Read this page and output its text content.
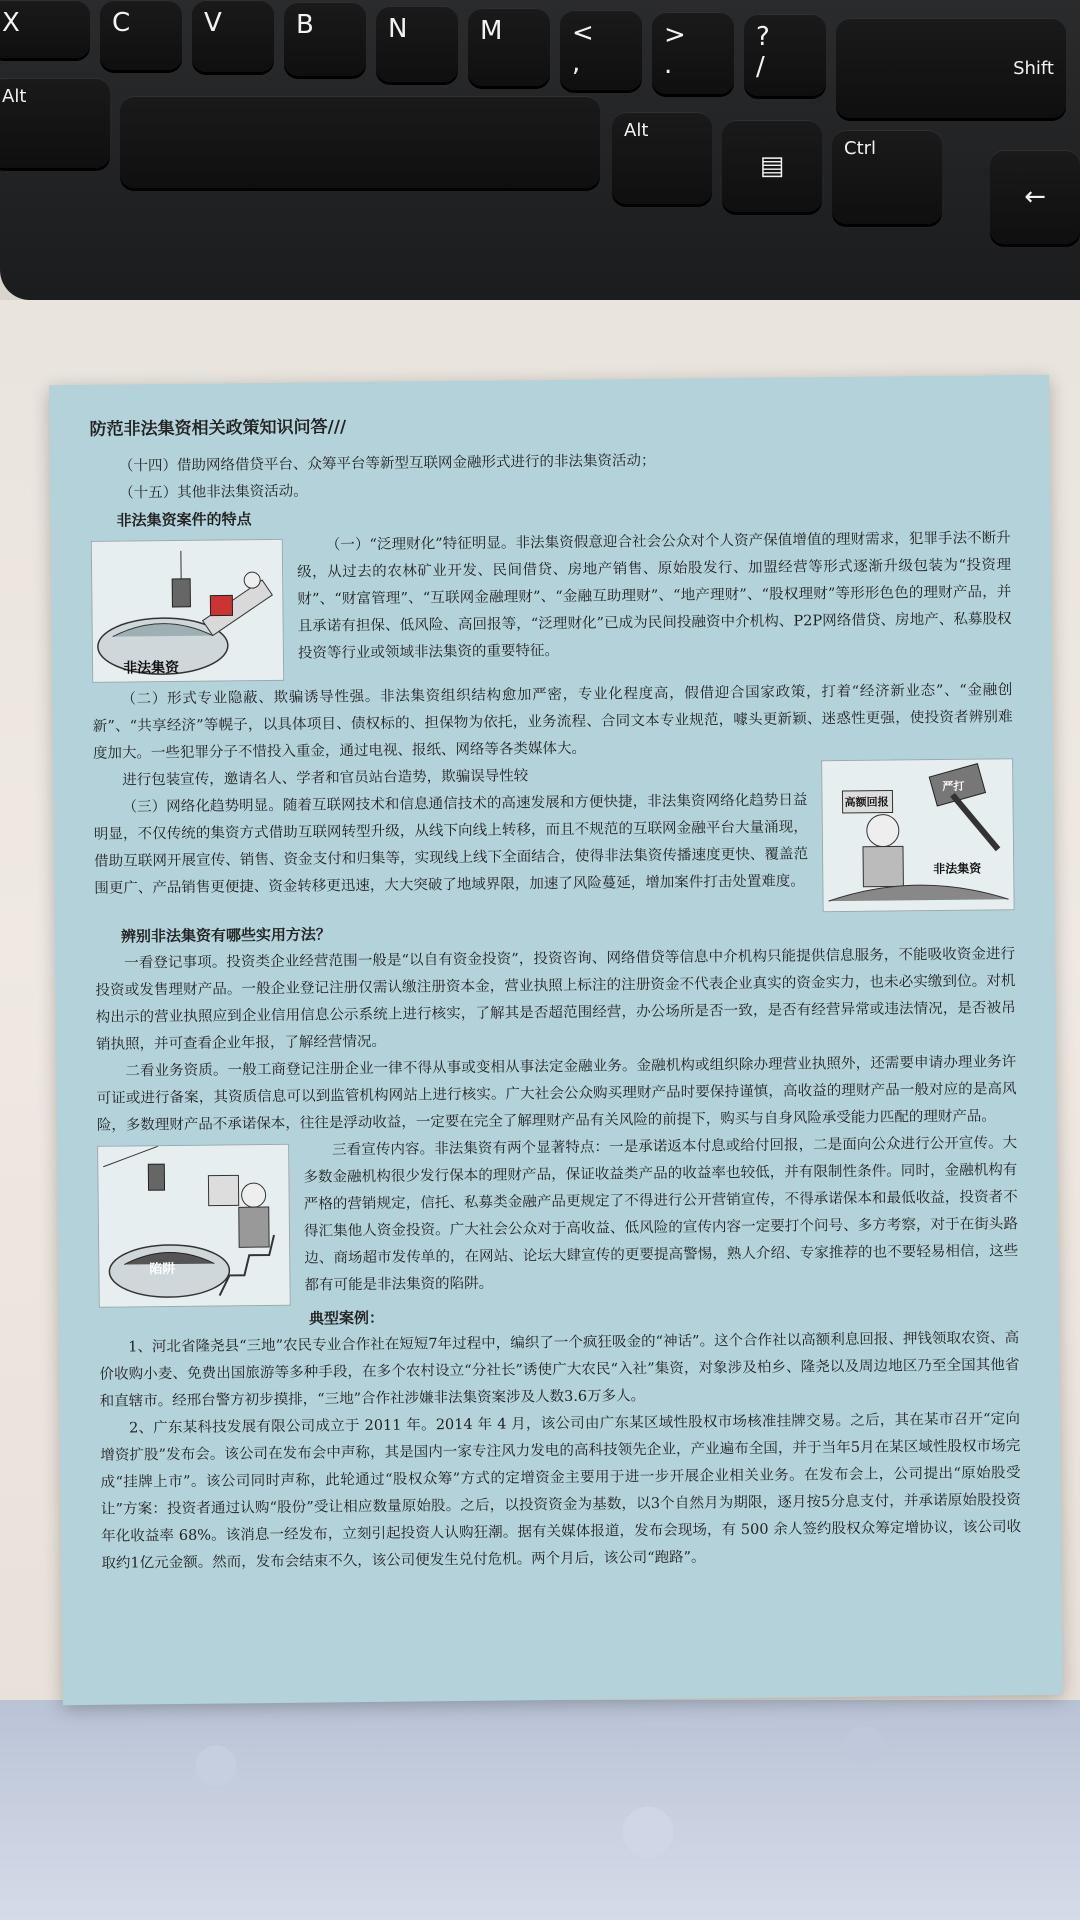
X	C	V	B	N	M	<
,
>
.
?
/	Shift
Alt
Alt
▤
Ctrl
←
防范非法集资相关政策知识问答///

（十四）借助网络借贷平台、众筹平台等新型互联网金融形式进行的非法集资活动；

（十五）其他非法集资活动。

非法集资案件的特点
非法集资

（一）“泛理财化”特征明显。非法集资假意迎合社会公众对个人资产保值增值的理财需求，犯罪手法不断升级，从过去的农林矿业开发、民间借贷、房地产销售、原始股发行、加盟经营等形式逐渐升级包装为“投资理财”、“财富管理”、“互联网金融理财”、“金融互助理财”、“地产理财”、“股权理财”等形形色色的理财产品，并且承诺有担保、低风险、高回报等，“泛理财化”已成为民间投融资中介机构、P2P网络借贷、房地产、私募股权投资等行业或领域非法集资的重要特征。

（二）形式专业隐蔽、欺骗诱导性强。非法集资组织结构愈加严密，专业化程度高，假借迎合国家政策，打着“经济新业态”、“金融创新”、“共享经济”等幌子，以具体项目、债权标的、担保物为依托，业务流程、合同文本专业规范，噱头更新颖、迷惑性更强，使投资者辨别难度加大。一些犯罪分子不惜投入重金，通过电视、报纸、网络等各类媒体大。

进行包装宣传，邀请名人、学者和官员站台造势，欺骗误导性较

（三）网络化趋势明显。随着互联网技术和信息通信技术的高速发展和方便快捷，非法集资网络化趋势日益明显，不仅传统的集资方式借助互联网转型升级，从线下向线上转移，而且不规范的互联网金融平台大量涌现，借助互联网开展宣传、销售、资金支付和归集等，实现线上线下全面结合，使得非法集资传播速度更快、覆盖范围更广、产品销售更便捷、资金转移更迅速，大大突破了地域界限，加速了风险蔓延，增加案件打击处置难度。

高额回报
严打
非法集资
辨别非法集资有哪些实用方法？

一看登记事项。投资类企业经营范围一般是“以自有资金投资”，投资咨询、网络借贷等信息中介机构只能提供信息服务，不能吸收资金进行投资或发售理财产品。一般企业登记注册仅需认缴注册资本金，营业执照上标注的注册资金不代表企业真实的资金实力，也未必实缴到位。对机构出示的营业执照应到企业信用信息公示系统上进行核实，了解其是否超范围经营，办公场所是否一致，是否有经营异常或违法情况，是否被吊销执照，并可查看企业年报，了解经营情况。

二看业务资质。一般工商登记注册企业一律不得从事或变相从事法定金融业务。金融机构或组织除办理营业执照外，还需要申请办理业务许可证或进行备案，其资质信息可以到监管机构网站上进行核实。广大社会公众购买理财产品时要保持谨慎，高收益的理财产品一般对应的是高风险，多数理财产品不承诺保本，往往是浮动收益，一定要在完全了解理财产品有关风险的前提下，购买与自身风险承受能力匹配的理财产品。

陷阱

三看宣传内容。非法集资有两个显著特点：一是承诺返本付息或给付回报，二是面向公众进行公开宣传。大多数金融机构很少发行保本的理财产品，保证收益类产品的收益率也较低，并有限制性条件。同时，金融机构有严格的营销规定，信托、私募类金融产品更规定了不得进行公开营销宣传，不得承诺保本和最低收益，投资者不得汇集他人资金投资。广大社会公众对于高收益、低风险的宣传内容一定要打个问号、多方考察，对于在街头路边、商场超市发传单的，在网站、论坛大肆宣传的更要提高警惕，熟人介绍、专家推荐的也不要轻易相信，这些都有可能是非法集资的陷阱。

典型案例：

1、河北省隆尧县“三地”农民专业合作社在短短7年过程中，编织了一个疯狂吸金的“神话”。这个合作社以高额利息回报、押钱领取农资、高价收购小麦、免费出国旅游等多种手段，在多个农村设立“分社长”诱使广大农民“入社”集资，对象涉及柏乡、隆尧以及周边地区乃至全国其他省和直辖市。经邢台警方初步摸排，“三地”合作社涉嫌非法集资案涉及人数3.6万多人。

2、广东某科技发展有限公司成立于 2011 年。2014 年 4 月，该公司由广东某区域性股权市场核准挂牌交易。之后，其在某市召开“定向增资扩股”发布会。该公司在发布会中声称，其是国内一家专注风力发电的高科技领先企业，产业遍布全国，并于当年5月在某区域性股权市场完成“挂牌上市”。该公司同时声称，此轮通过“股权众筹”方式的定增资金主要用于进一步开展企业相关业务。在发布会上，公司提出“原始股受让”方案：投资者通过认购“股份”受让相应数量原始股。之后，以投资资金为基数，以3个自然月为期限，逐月按5分息支付，并承诺原始股投资年化收益率 68%。该消息一经发布，立刻引起投资人认购狂潮。据有关媒体报道，发布会现场，有 500 余人签约股权众筹定增协议，该公司收取约1亿元金额。然而，发布会结束不久，该公司便发生兑付危机。两个月后，该公司“跑路”。
